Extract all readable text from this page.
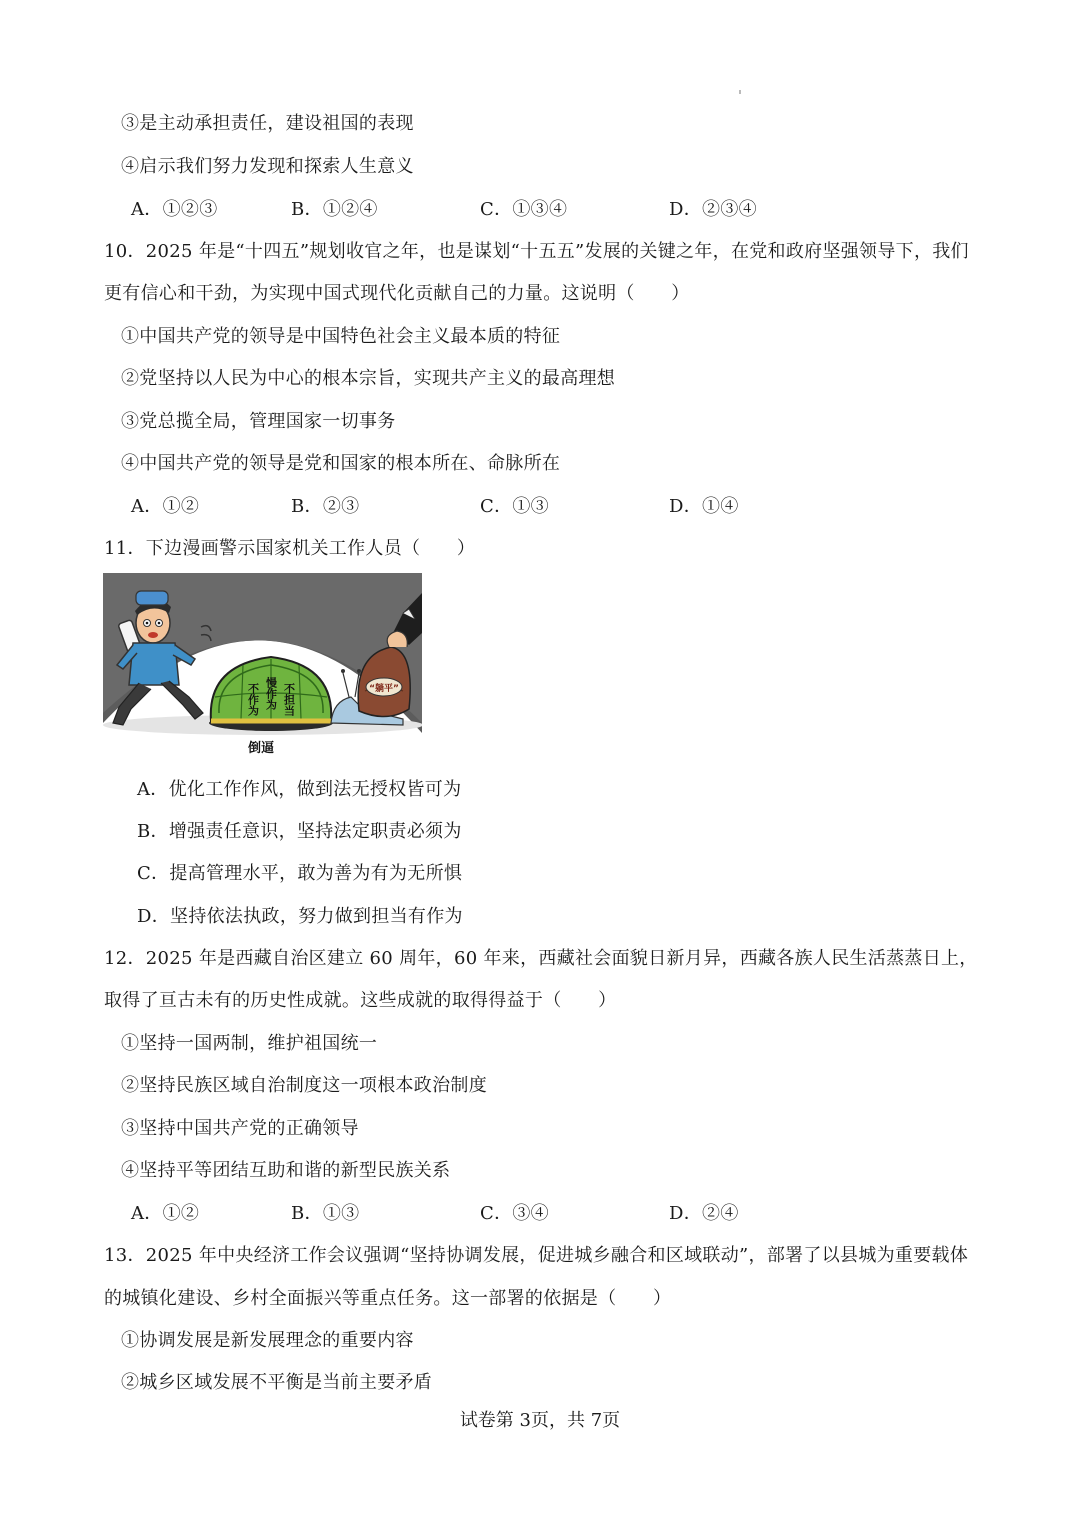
③是主动承担责任，建设祖国的表现
④启示我们努力发现和探索人生意义
A．①②③	B．①②④	C．①③④	D．②③④
10．2025 年是“十四五”规划收官之年，也是谋划“十五五”发展的关键之年，在党和政府坚强领导下，我们
更有信心和干劲，为实现中国式现代化贡献自己的力量。这说明（　　）
①中国共产党的领导是中国特色社会主义最本质的特征
②党坚持以人民为中心的根本宗旨，实现共产主义的最高理想
③党总揽全局，管理国家一切事务
④中国共产党的领导是党和国家的根本所在、命脉所在
A．①②	B．②③	C．①③	D．①④
11．下边漫画警示国家机关工作人员（　　）
不作为 慢作为 不担当	“躺平”
倒逼
A．优化工作作风，做到法无授权皆可为
B．增强责任意识，坚持法定职责必须为
C．提高管理水平，敢为善为有为无所惧
D．坚持依法执政，努力做到担当有作为
12．2025 年是西藏自治区建立 60 周年，60 年来，西藏社会面貌日新月异，西藏各族人民生活蒸蒸日上，
取得了亘古未有的历史性成就。这些成就的取得得益于（　　）
①坚持一国两制，维护祖国统一
②坚持民族区域自治制度这一项根本政治制度
③坚持中国共产党的正确领导
④坚持平等团结互助和谐的新型民族关系
A．①②	B．①③	C．③④	D．②④
13．2025 年中央经济工作会议强调“坚持协调发展，促进城乡融合和区域联动”，部署了以县城为重要载体
的城镇化建设、乡村全面振兴等重点任务。这一部署的依据是（　　）
①协调发展是新发展理念的重要内容
②城乡区域发展不平衡是当前主要矛盾
试卷第 3页，共 7页
